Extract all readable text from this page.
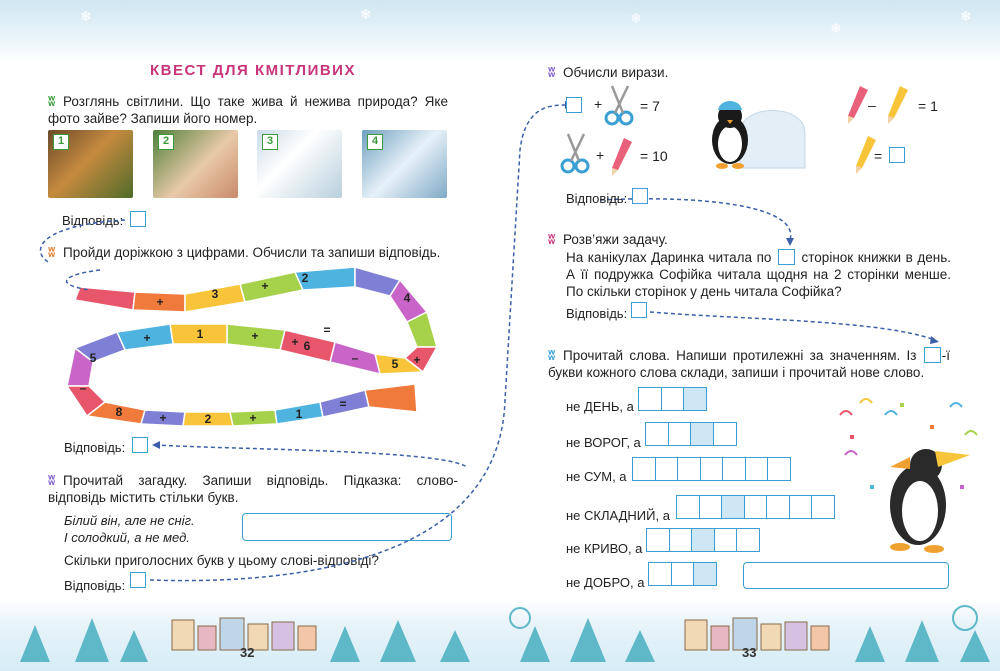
❄	❄	❄
❄
❄
32	33
КВЕСТ ДЛЯ КМІТЛИВИХ
ʬ Розглянь світлини. Що таке жива й нежива природа? Яке фото зайве? Запиши його номер.
1	2	3	4
Відповідь:
ʬ Пройди доріжкою з цифрами. Обчисли та запиши відповідь.
4
+
=
2
+
3
+
+
5
–
6
+
1
+
5
–
8	+	2	+	1
=
Відповідь:
ʬ Прочитай загадку. Запиши відповідь. Підказка: слово-відповідь містить стільки букв.
Білий він, але не сніг.
І солодкий, а не мед.
Скільки приголосних букв у цьому слові-відповіді?
Відповідь:
ʬ Обчисли вирази.
+	= 7
+	= 10
–	= 1
=
Відповідь:
ʬ Розв’яжи задачу.
На канікулах Даринка читала по сторінок книжки в день. А її подружка Софійка читала щодня на 2 сторінки менше. По скільки сторінок у день читала Софійка?
Відповідь:
ʬ Прочитай слова. Напиши протилежні за значенням. Із -ї букви кожного слова склади, запиши і прочитай нове слово.
не ДЕНЬ, а
не ВОРОГ, а
не СУМ, а
не СКЛАДНИЙ, а
не КРИВО, а
не ДОБРО, а
